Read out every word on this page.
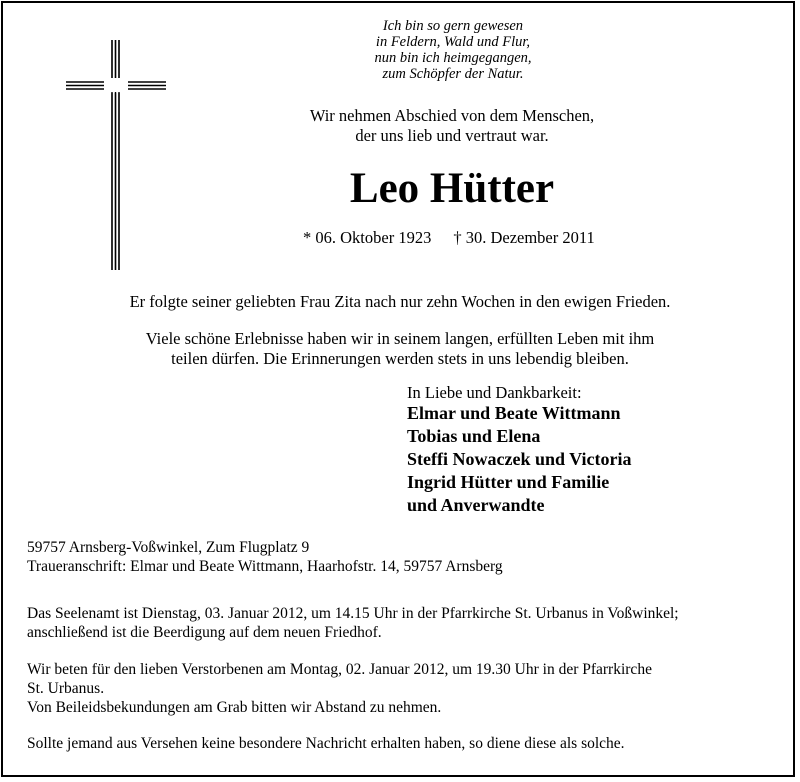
Ich bin so gern gewesen
in Feldern, Wald und Flur,
nun bin ich heimgegangen,
zum Schöpfer der Natur.
Wir nehmen Abschied von dem Menschen,
der uns lieb und vertraut war.
Leo Hütter
* 06. Oktober 1923 † 30. Dezember 2011
Er folgte seiner geliebten Frau Zita nach nur zehn Wochen in den ewigen Frieden.
Viele schöne Erlebnisse haben wir in seinem langen, erfüllten Leben mit ihm
teilen dürfen. Die Erinnerungen werden stets in uns lebendig bleiben.
In Liebe und Dankbarkeit:
Elmar und Beate Wittmann
Tobias und Elena
Steffi Nowaczek und Victoria
Ingrid Hütter und Familie
und Anverwandte
59757 Arnsberg-Voßwinkel, Zum Flugplatz 9
Traueranschrift: Elmar und Beate Wittmann, Haarhofstr. 14, 59757 Arnsberg
Das Seelenamt ist Dienstag, 03. Januar 2012, um 14.15 Uhr in der Pfarrkirche St. Urbanus in Voßwinkel;
anschließend ist die Beerdigung auf dem neuen Friedhof.
Wir beten für den lieben Verstorbenen am Montag, 02. Januar 2012, um 19.30 Uhr in der Pfarrkirche
St. Urbanus.
Von Beileidsbekundungen am Grab bitten wir Abstand zu nehmen.
Sollte jemand aus Versehen keine besondere Nachricht erhalten haben, so diene diese als solche.
